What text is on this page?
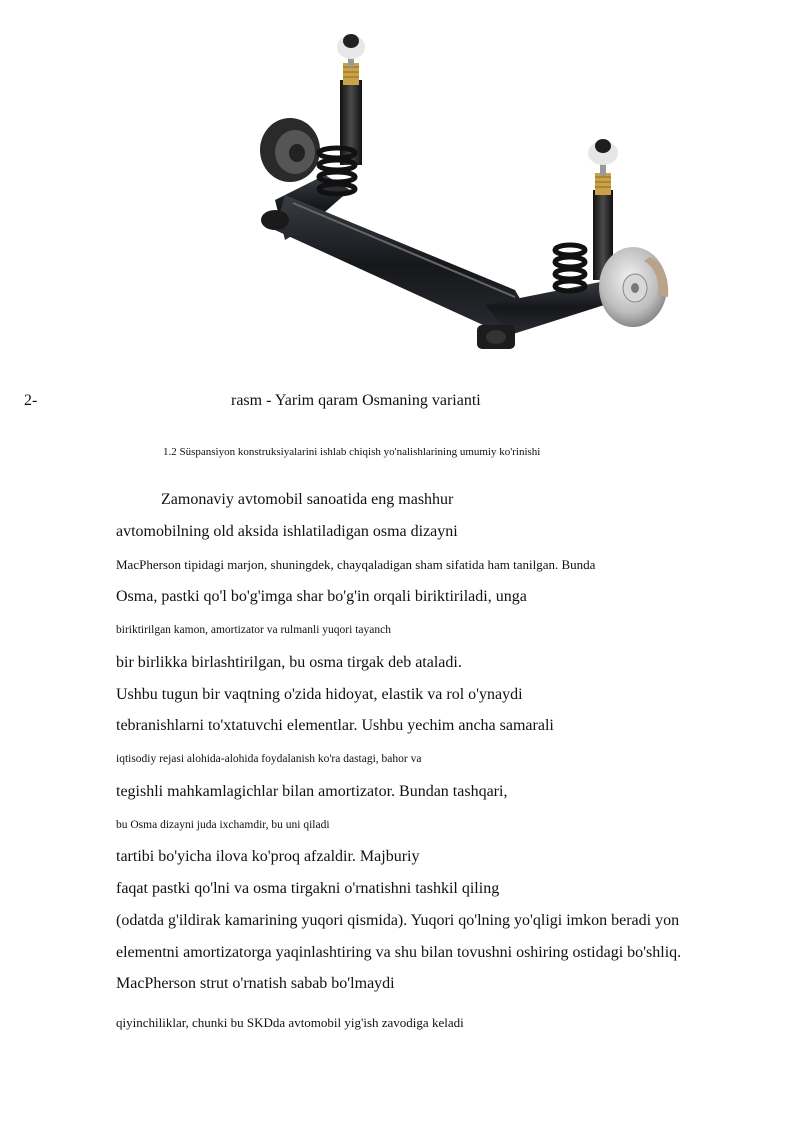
2-	rasm - Yarim qaram Osmaning varianti
1.2 Süspansiyon konstruksiyalarini ishlab chiqish yo'nalishlarining umumiy ko'rinishi
Zamonaviy avtomobil sanoatida eng mashhur
avtomobilning old aksida ishlatiladigan osma dizayni
MacPherson tipidagi marjon, shuningdek, chayqaladigan sham sifatida ham tanilgan. Bunda
Osma, pastki qo'l bo'g'imga shar bo'g'in orqali biriktiriladi, unga
biriktirilgan kamon, amortizator va rulmanli yuqori tayanch
bir birlikka birlashtirilgan, bu osma tirgak deb ataladi.
Ushbu tugun bir vaqtning o'zida hidoyat, elastik va rol o'ynaydi
tebranishlarni to'xtatuvchi elementlar. Ushbu yechim ancha samarali
iqtisodiy rejasi alohida-alohida foydalanish ko'ra dastagi, bahor va
tegishli mahkamlagichlar bilan amortizator. Bundan tashqari,
bu Osma dizayni juda ixchamdir, bu uni qiladi
tartibi bo'yicha ilova ko'proq afzaldir. Majburiy
faqat pastki qo'lni va osma tirgakni o'rnatishni tashkil qiling
(odatda g'ildirak kamarining yuqori qismida). Yuqori qo'lning yo'qligi imkon beradi yon
elementni amortizatorga yaqinlashtiring va shu bilan tovushni oshiring ostidagi bo'shliq.
MacPherson strut o'rnatish sabab bo'lmaydi
qiyinchiliklar, chunki bu SKDda avtomobil yig'ish zavodiga keladi
